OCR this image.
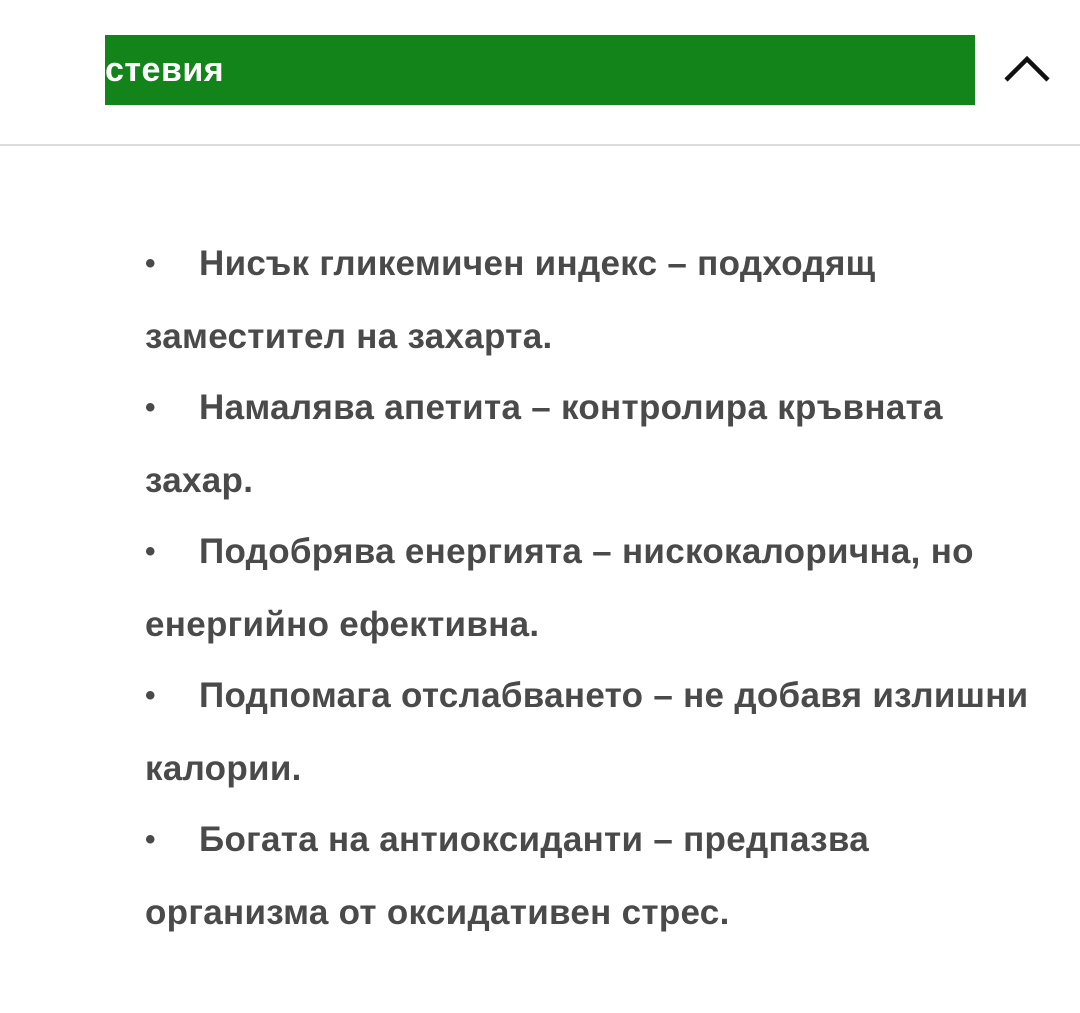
стевия

• Нисък гликемичен индекс – подходящ заместител на захарта.

• Намалява апетита – контролира кръвната захар.

• Подобрява енергията – нискокалорична, но енергийно ефективна.

• Подпомага отслабването – не добавя излишни калории.

• Богата на антиоксиданти – предпазва организма от оксидативен стрес.
